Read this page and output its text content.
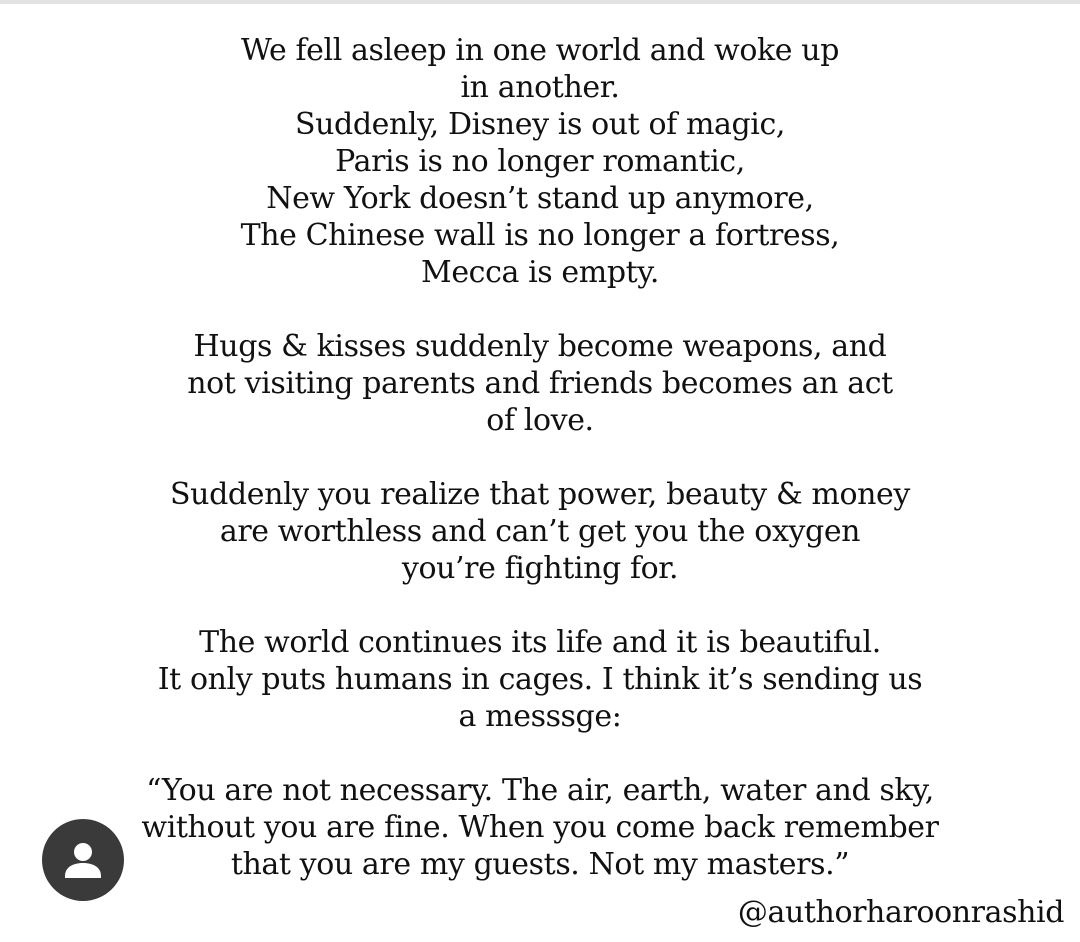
We fell asleep in one world and woke up
in another.
Suddenly, Disney is out of magic,
Paris is no longer romantic,
New York doesn’t stand up anymore,
The Chinese wall is no longer a fortress,
Mecca is empty.
Hugs & kisses suddenly become weapons, and
not visiting parents and friends becomes an act
of love.
Suddenly you realize that power, beauty & money
are worthless and can’t get you the oxygen
you’re fighting for.
The world continues its life and it is beautiful.
It only puts humans in cages. I think it’s sending us
a messsge:
“You are not necessary. The air, earth, water and sky,
without you are fine. When you come back remember
that you are my guests. Not my masters.”

@authorharoonrashid
